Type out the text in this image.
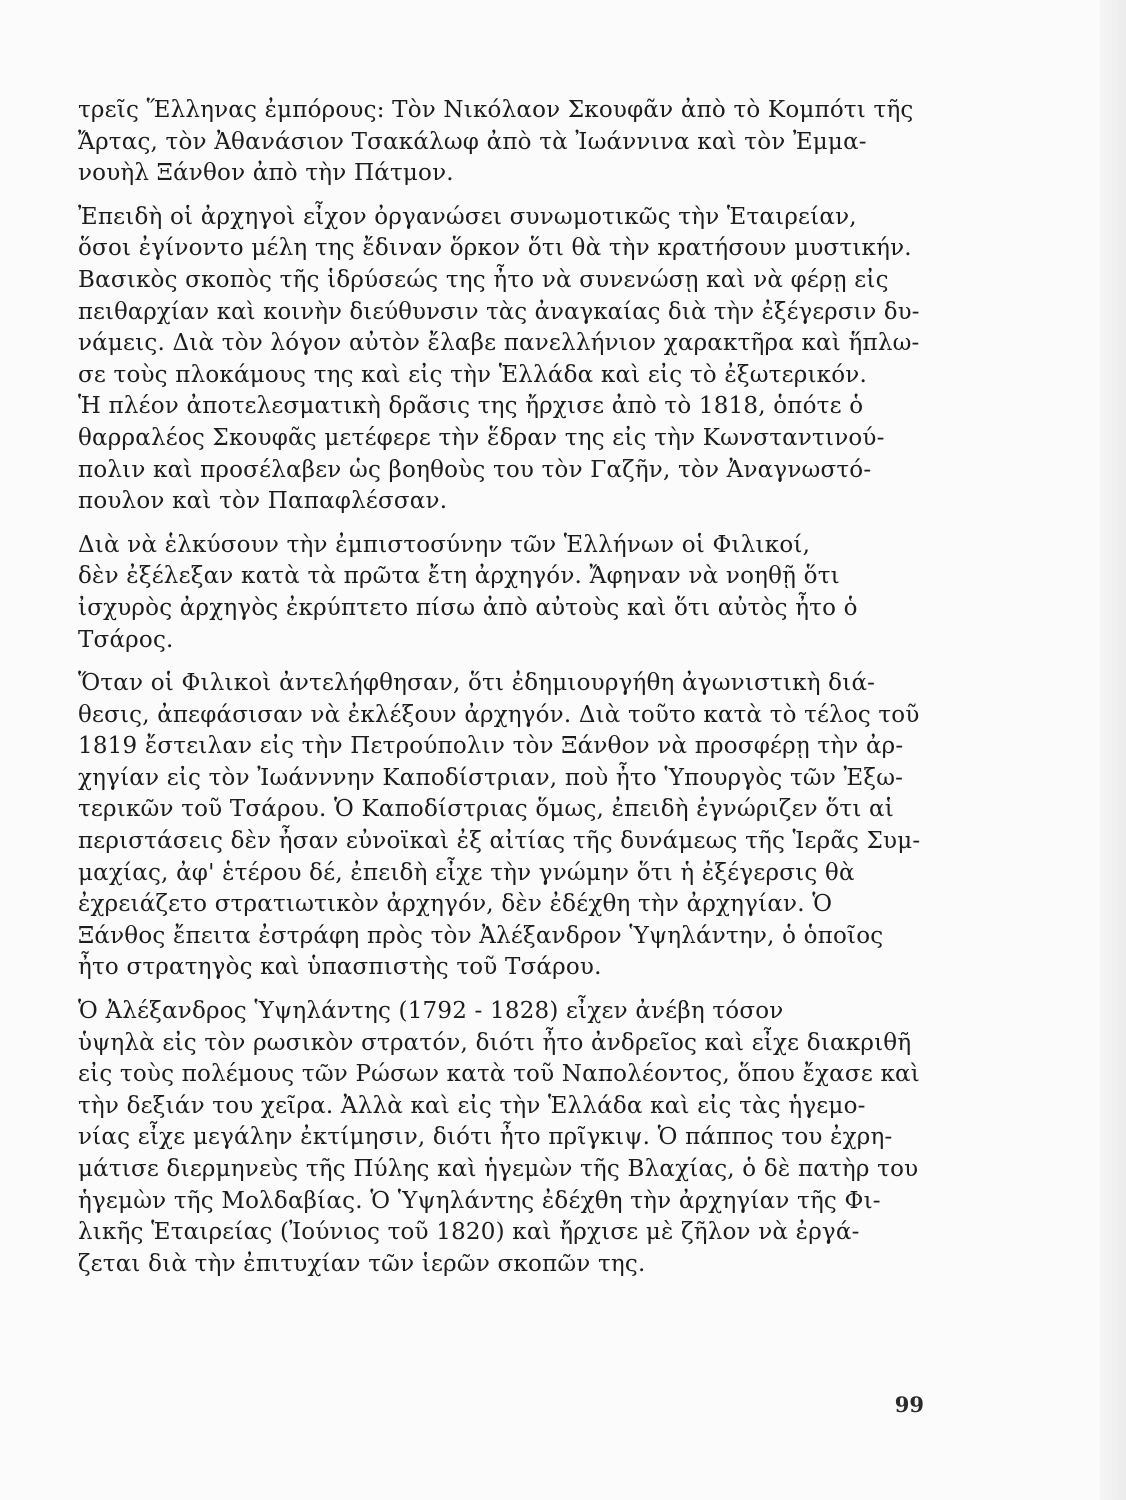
τρεῖς Ἕλληνας ἐμπόρους: Τὸν Νικόλαον Σκουφᾶν ἀπὸ τὸ Κομπότι τῆς
Ἄρτας, τὸν Ἀθανάσιον Τσακάλωφ ἀπὸ τὰ Ἰωάννινα καὶ τὸν Ἐμμα-
νουὴλ Ξάνθον ἀπὸ τὴν Πάτμον.
Ἐπειδὴ οἱ ἀρχηγοὶ εἶχον ὀργανώσει συνωμοτικῶς τὴν Ἑταιρείαν,
ὅσοι ἐγίνοντο μέλη της ἔδιναν ὅρκον ὅτι θὰ τὴν κρατήσουν μυστικήν.
Βασικὸς σκοπὸς τῆς ἱδρύσεώς της ἦτο νὰ συνενώσῃ καὶ νὰ φέρῃ εἰς
πειθαρχίαν καὶ κοινὴν διεύθυνσιν τὰς ἀναγκαίας διὰ τὴν ἐξέγερσιν δυ-
νάμεις. Διὰ τὸν λόγον αὐτὸν ἔλαβε πανελλήνιον χαρακτῆρα καὶ ἥπλω-
σε τοὺς πλοκάμους της καὶ εἰς τὴν Ἑλλάδα καὶ εἰς τὸ ἐξωτερικόν.
Ἡ πλέον ἀποτελεσματικὴ δρᾶσις της ἤρχισε ἀπὸ τὸ 1818, ὁπότε ὁ
θαρραλέος Σκουφᾶς μετέφερε τὴν ἕδραν της εἰς τὴν Κωνσταντινού-
πολιν καὶ προσέλαβεν ὡς βοηθοὺς του τὸν Γαζῆν, τὸν Ἀναγνωστό-
πουλον καὶ τὸν Παπαφλέσσαν.
Διὰ νὰ ἑλκύσουν τὴν ἐμπιστοσύνην τῶν Ἑλλήνων οἱ Φιλικοί,
δὲν ἐξέλεξαν κατὰ τὰ πρῶτα ἔτη ἀρχηγόν. Ἄφηναν νὰ νοηθῇ ὅτι
ἰσχυρὸς ἀρχηγὸς ἐκρύπτετο πίσω ἀπὸ αὐτοὺς καὶ ὅτι αὐτὸς ἦτο ὁ
Τσάρος.
Ὅταν οἱ Φιλικοὶ ἀντελήφθησαν, ὅτι ἐδημιουργήθη ἀγωνιστικὴ διά-
θεσις, ἀπεφάσισαν νὰ ἐκλέξουν ἀρχηγόν. Διὰ τοῦτο κατὰ τὸ τέλος τοῦ
1819 ἔστειλαν εἰς τὴν Πετρούπολιν τὸν Ξάνθον νὰ προσφέρῃ τὴν ἀρ-
χηγίαν εἰς τὸν Ἰωάνννην Καποδίστριαν, ποὺ ἦτο Ὑπουργὸς τῶν Ἐξω-
τερικῶν τοῦ Τσάρου. Ὁ Καποδίστριας ὅμως, ἐπειδὴ ἐγνώριζεν ὅτι αἱ
περιστάσεις δὲν ἦσαν εὐνοϊκαὶ ἐξ αἰτίας τῆς δυνάμεως τῆς Ἱερᾶς Συμ-
μαχίας, ἀφ' ἑτέρου δέ, ἐπειδὴ εἶχε τὴν γνώμην ὅτι ἡ ἐξέγερσις θὰ
ἐχρειάζετο στρατιωτικὸν ἀρχηγόν, δὲν ἐδέχθη τὴν ἀρχηγίαν. Ὁ
Ξάνθος ἔπειτα ἐστράφη πρὸς τὸν Ἀλέξανδρον Ὑψηλάντην, ὁ ὁποῖος
ἦτο στρατηγὸς καὶ ὑπασπιστὴς τοῦ Τσάρου.
Ὁ Ἀλέξανδρος Ὑψηλάντης (1792 - 1828) εἶχεν ἀνέβη τόσον
ὑψηλὰ εἰς τὸν ρωσικὸν στρατόν, διότι ἦτο ἀνδρεῖος καὶ εἶχε διακριθῆ
εἰς τοὺς πολέμους τῶν Ρώσων κατὰ τοῦ Ναπολέοντος, ὅπου ἔχασε καὶ
τὴν δεξιάν του χεῖρα. Ἀλλὰ καὶ εἰς τὴν Ἑλλάδα καὶ εἰς τὰς ἡγεμο-
νίας εἶχε μεγάλην ἐκτίμησιν, διότι ἦτο πρῖγκιψ. Ὁ πάππος του ἐχρη-
μάτισε διερμηνεὺς τῆς Πύλης καὶ ἡγεμὼν τῆς Βλαχίας, ὁ δὲ πατὴρ του
ἡγεμὼν τῆς Μολδαβίας. Ὁ Ὑψηλάντης ἐδέχθη τὴν ἀρχηγίαν τῆς Φι-
λικῆς Ἑταιρείας (Ἰούνιος τοῦ 1820) καὶ ἤρχισε μὲ ζῆλον νὰ ἐργά-
ζεται διὰ τὴν ἐπιτυχίαν τῶν ἱερῶν σκοπῶν της.
99
